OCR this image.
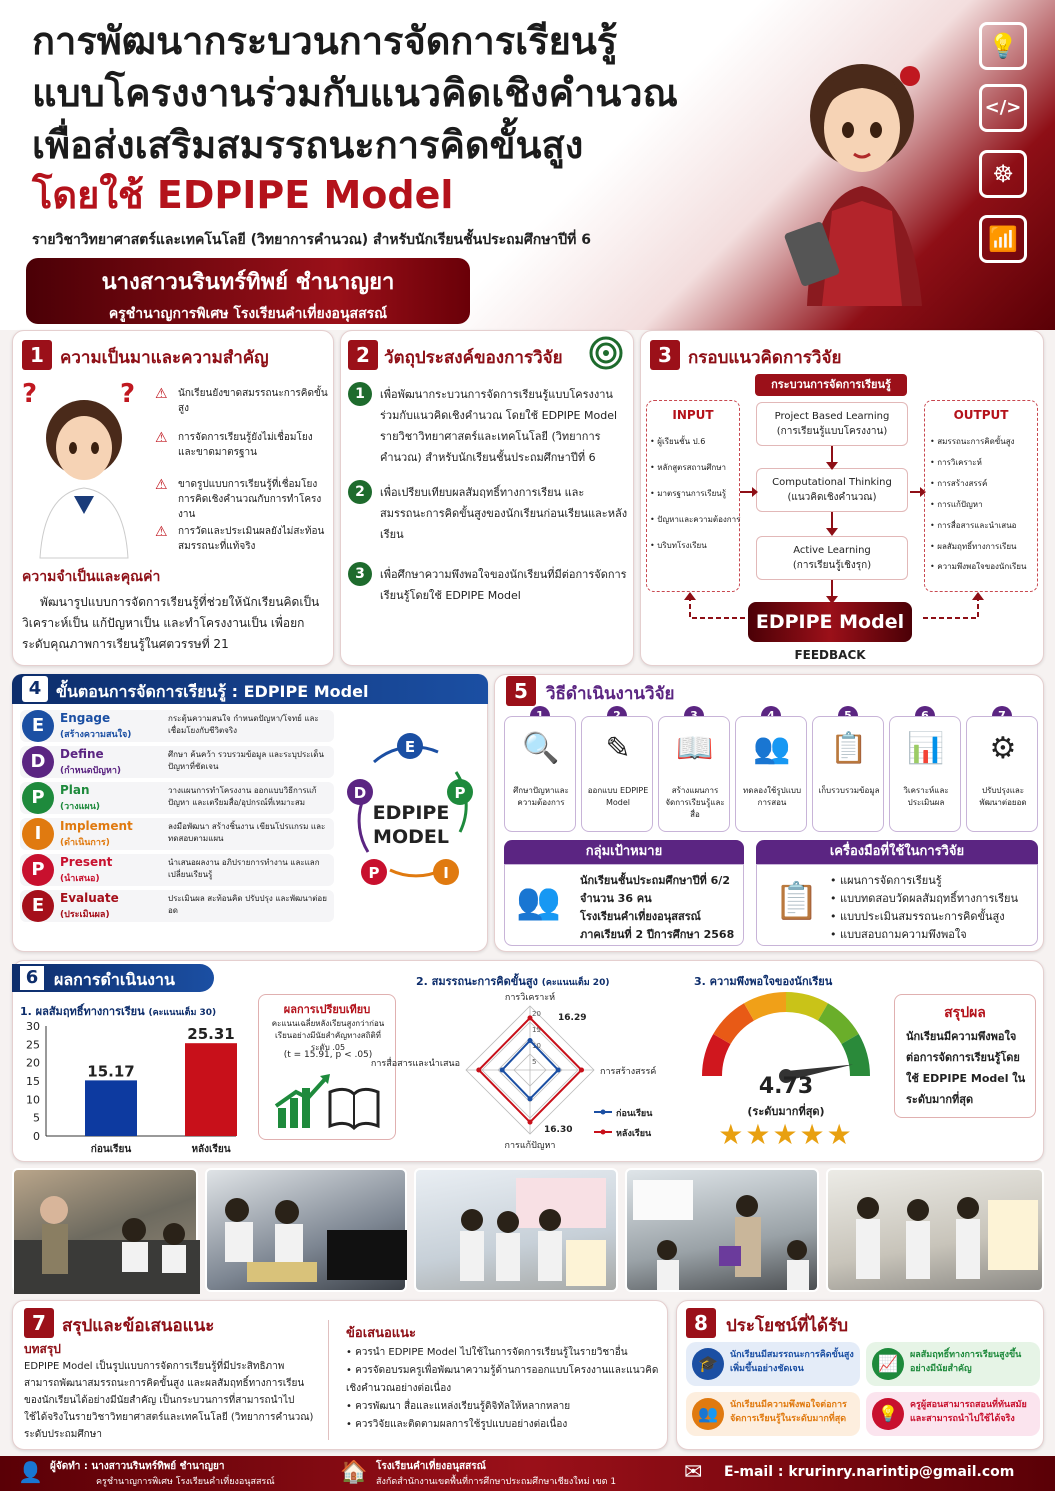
การพัฒนากระบวนการจัดการเรียนรู้
แบบโครงงานร่วมกับแนวคิดเชิงคำนวณ
เพื่อส่งเสริมสมรรถนะการคิดขั้นสูง
โดยใช้ EDPIPE Model
รายวิชาวิทยาศาสตร์และเทคโนโลยี (วิทยาการคำนวณ) สำหรับนักเรียนชั้นประถมศึกษาปีที่ 6
นางสาวนรินทร์ทิพย์ ชำนาญยา
ครูชำนาญการพิเศษ โรงเรียนคำเที่ยงอนุสสรณ์
💡
</>
☸
📶
1 ความเป็นมาและความสำคัญ
?	? ⚠ นักเรียนยังขาดสมรรถนะการคิดขั้นสูง
⚠ การจัดการเรียนรู้ยังไม่เชื่อมโยงและขาดมาตรฐาน
⚠ ขาดรูปแบบการเรียนรู้ที่เชื่อมโยงการคิดเชิงคำนวณกับการทำโครงงาน
⚠ การวัดและประเมินผลยังไม่สะท้อนสมรรถนะที่แท้จริง
ความจำเป็นและคุณค่า
พัฒนารูปแบบการจัดการเรียนรู้ที่ช่วยให้นักเรียนคิดเป็น วิเคราะห์เป็น แก้ปัญหาเป็น และทำโครงงานเป็น เพื่อยกระดับคุณภาพการเรียนรู้ในศตวรรษที่ 21
2 วัตถุประสงค์ของการวิจัย
1	เพื่อพัฒนากระบวนการจัดการเรียนรู้แบบโครงงานร่วมกับแนวคิดเชิงคำนวณ โดยใช้ EDPIPE Model รายวิชาวิทยาศาสตร์และเทคโนโลยี (วิทยาการคำนวณ) สำหรับนักเรียนชั้นประถมศึกษาปีที่ 6
2	เพื่อเปรียบเทียบผลสัมฤทธิ์ทางการเรียน และสมรรถนะการคิดขั้นสูงของนักเรียนก่อนเรียนและหลังเรียน
3	เพื่อศึกษาความพึงพอใจของนักเรียนที่มีต่อการจัดการเรียนรู้โดยใช้ EDPIPE Model
3 กรอบแนวคิดการวิจัย
กระบวนการจัดการเรียนรู้
INPUT
• ผู้เรียนชั้น ป.6
• หลักสูตรสถานศึกษา
• มาตรฐานการเรียนรู้
• ปัญหาและความต้องการ
• บริบทโรงเรียน
Project Based Learning
(การเรียนรู้แบบโครงงาน)
Computational Thinking
(แนวคิดเชิงคำนวณ)
Active Learning
(การเรียนรู้เชิงรุก)
OUTPUT
• สมรรถนะการคิดขั้นสูง
• การวิเคราะห์
• การสร้างสรรค์
• การแก้ปัญหา
• การสื่อสารและนำเสนอ
• ผลสัมฤทธิ์ทางการเรียน
• ความพึงพอใจของนักเรียน
EDPIPE Model
FEEDBACK
4 ขั้นตอนการจัดการเรียนรู้ : EDPIPE Model
E	Engage
(สร้างความสนใจ)
กระตุ้นความสนใจ กำหนดปัญหา/โจทย์ และเชื่อมโยงกับชีวิตจริง
D	Define
(กำหนดปัญหา)
ศึกษา ค้นคว้า รวบรวมข้อมูล และระบุประเด็นปัญหาที่ชัดเจน
P	Plan
(วางแผน)
วางแผนการทำโครงงาน ออกแบบวิธีการแก้ปัญหา และเตรียมสื่อ/อุปกรณ์ที่เหมาะสม
I	Implement
(ดำเนินการ)
ลงมือพัฒนา สร้างชิ้นงาน เขียนโปรแกรม และทดสอบตามแผน
P	Present
(นำเสนอ)
นำเสนอผลงาน อภิปรายการทำงาน และแลกเปลี่ยนเรียนรู้
E	Evaluate
(ประเมินผล)
ประเมินผล สะท้อนคิด ปรับปรุง และพัฒนาต่อยอด
E
P
I
P
D
EDPIPE
MODEL
5	วิธีดำเนินงานวิจัย
🔍
ศึกษาปัญหาและความต้องการ
✎
ออกแบบ EDPIPE Model
📖
สร้างแผนการจัดการเรียนรู้และสื่อ
👥
ทดลองใช้รูปแบบการสอน
📋
เก็บรวบรวมข้อมูล
📊
วิเคราะห์และประเมินผล
⚙
ปรับปรุงและพัฒนาต่อยอด
กลุ่มเป้าหมาย
👥
นักเรียนชั้นประถมศึกษาปีที่ 6/2
จำนวน 36 คน
โรงเรียนคำเที่ยงอนุสสรณ์
ภาคเรียนที่ 2 ปีการศึกษา 2568
เครื่องมือที่ใช้ในการวิจัย
📋
• แผนการจัดการเรียนรู้
• แบบทดสอบวัดผลสัมฤทธิ์ทางการเรียน
• แบบประเมินสมรรถนะการคิดขั้นสูง
• แบบสอบถามความพึงพอใจ
6 ผลการดำเนินงาน
1. ผลสัมฤทธิ์ทางการเรียน (คะแนนเต็ม 30)
0
5
10
15
20
25
30
15.17
ก่อนเรียน
25.31
หลังเรียน
ผลการเปรียบเทียบ
คะแนนเฉลี่ยหลังเรียนสูงกว่าก่อนเรียนอย่างมีนัยสำคัญทางสถิติที่ระดับ .05
(t = 15.91, p < .05)
2. สมรรถนะการคิดขั้นสูง (คะแนนเต็ม 20)
5
10
15
20
การวิเคราะห์
การสร้างสรรค์
การแก้ปัญหา
การสื่อสารและนำเสนอ
ก่อนเรียน
หลังเรียน
16.29
16.30
3. ความพึงพอใจของนักเรียน
4.73
(ระดับมากที่สุด)
★★★★★
สรุปผล
นักเรียนมีความพึงพอใจต่อการจัดการเรียนรู้โดยใช้ EDPIPE Model ในระดับมากที่สุด
7 สรุปและข้อเสนอแนะ
บทสรุป
EDPIPE Model เป็นรูปแบบการจัดการเรียนรู้ที่มีประสิทธิภาพ สามารถพัฒนาสมรรถนะการคิดขั้นสูง และผลสัมฤทธิ์ทางการเรียนของนักเรียนได้อย่างมีนัยสำคัญ เป็นกระบวนการที่สามารถนำไปใช้ได้จริงในรายวิชาวิทยาศาสตร์และเทคโนโลยี (วิทยาการคำนวณ) ระดับประถมศึกษา
ข้อเสนอแนะ
• ควรนำ EDPIPE Model ไปใช้ในการจัดการเรียนรู้ในรายวิชาอื่น
• ควรจัดอบรมครูเพื่อพัฒนาความรู้ด้านการออกแบบโครงงานและแนวคิดเชิงคำนวณอย่างต่อเนื่อง
• ควรพัฒนา สื่อและแหล่งเรียนรู้ดิจิทัลให้หลากหลาย
• ควรวิจัยและติดตามผลการใช้รูปแบบอย่างต่อเนื่อง
8	ประโยชน์ที่ได้รับ
🎓	นักเรียนมีสมรรถนะการคิดขั้นสูงเพิ่มขึ้นอย่างชัดเจน	📈	ผลสัมฤทธิ์ทางการเรียนสูงขึ้นอย่างมีนัยสำคัญ
👥	นักเรียนมีความพึงพอใจต่อการจัดการเรียนรู้ในระดับมากที่สุด	💡	ครูผู้สอนสามารถสอนที่ทันสมัยและสามารถนำไปใช้ได้จริง
👤 ผู้จัดทำ : นางสาวนรินทร์ทิพย์ ชำนาญยา
ครูชำนาญการพิเศษ โรงเรียนคำเที่ยงอนุสสรณ์	🏠 โรงเรียนคำเที่ยงอนุสสรณ์
สังกัดสำนักงานเขตพื้นที่การศึกษาประถมศึกษาเชียงใหม่ เขต 1	✉ E-mail : krurinry.narintip@gmail.com
